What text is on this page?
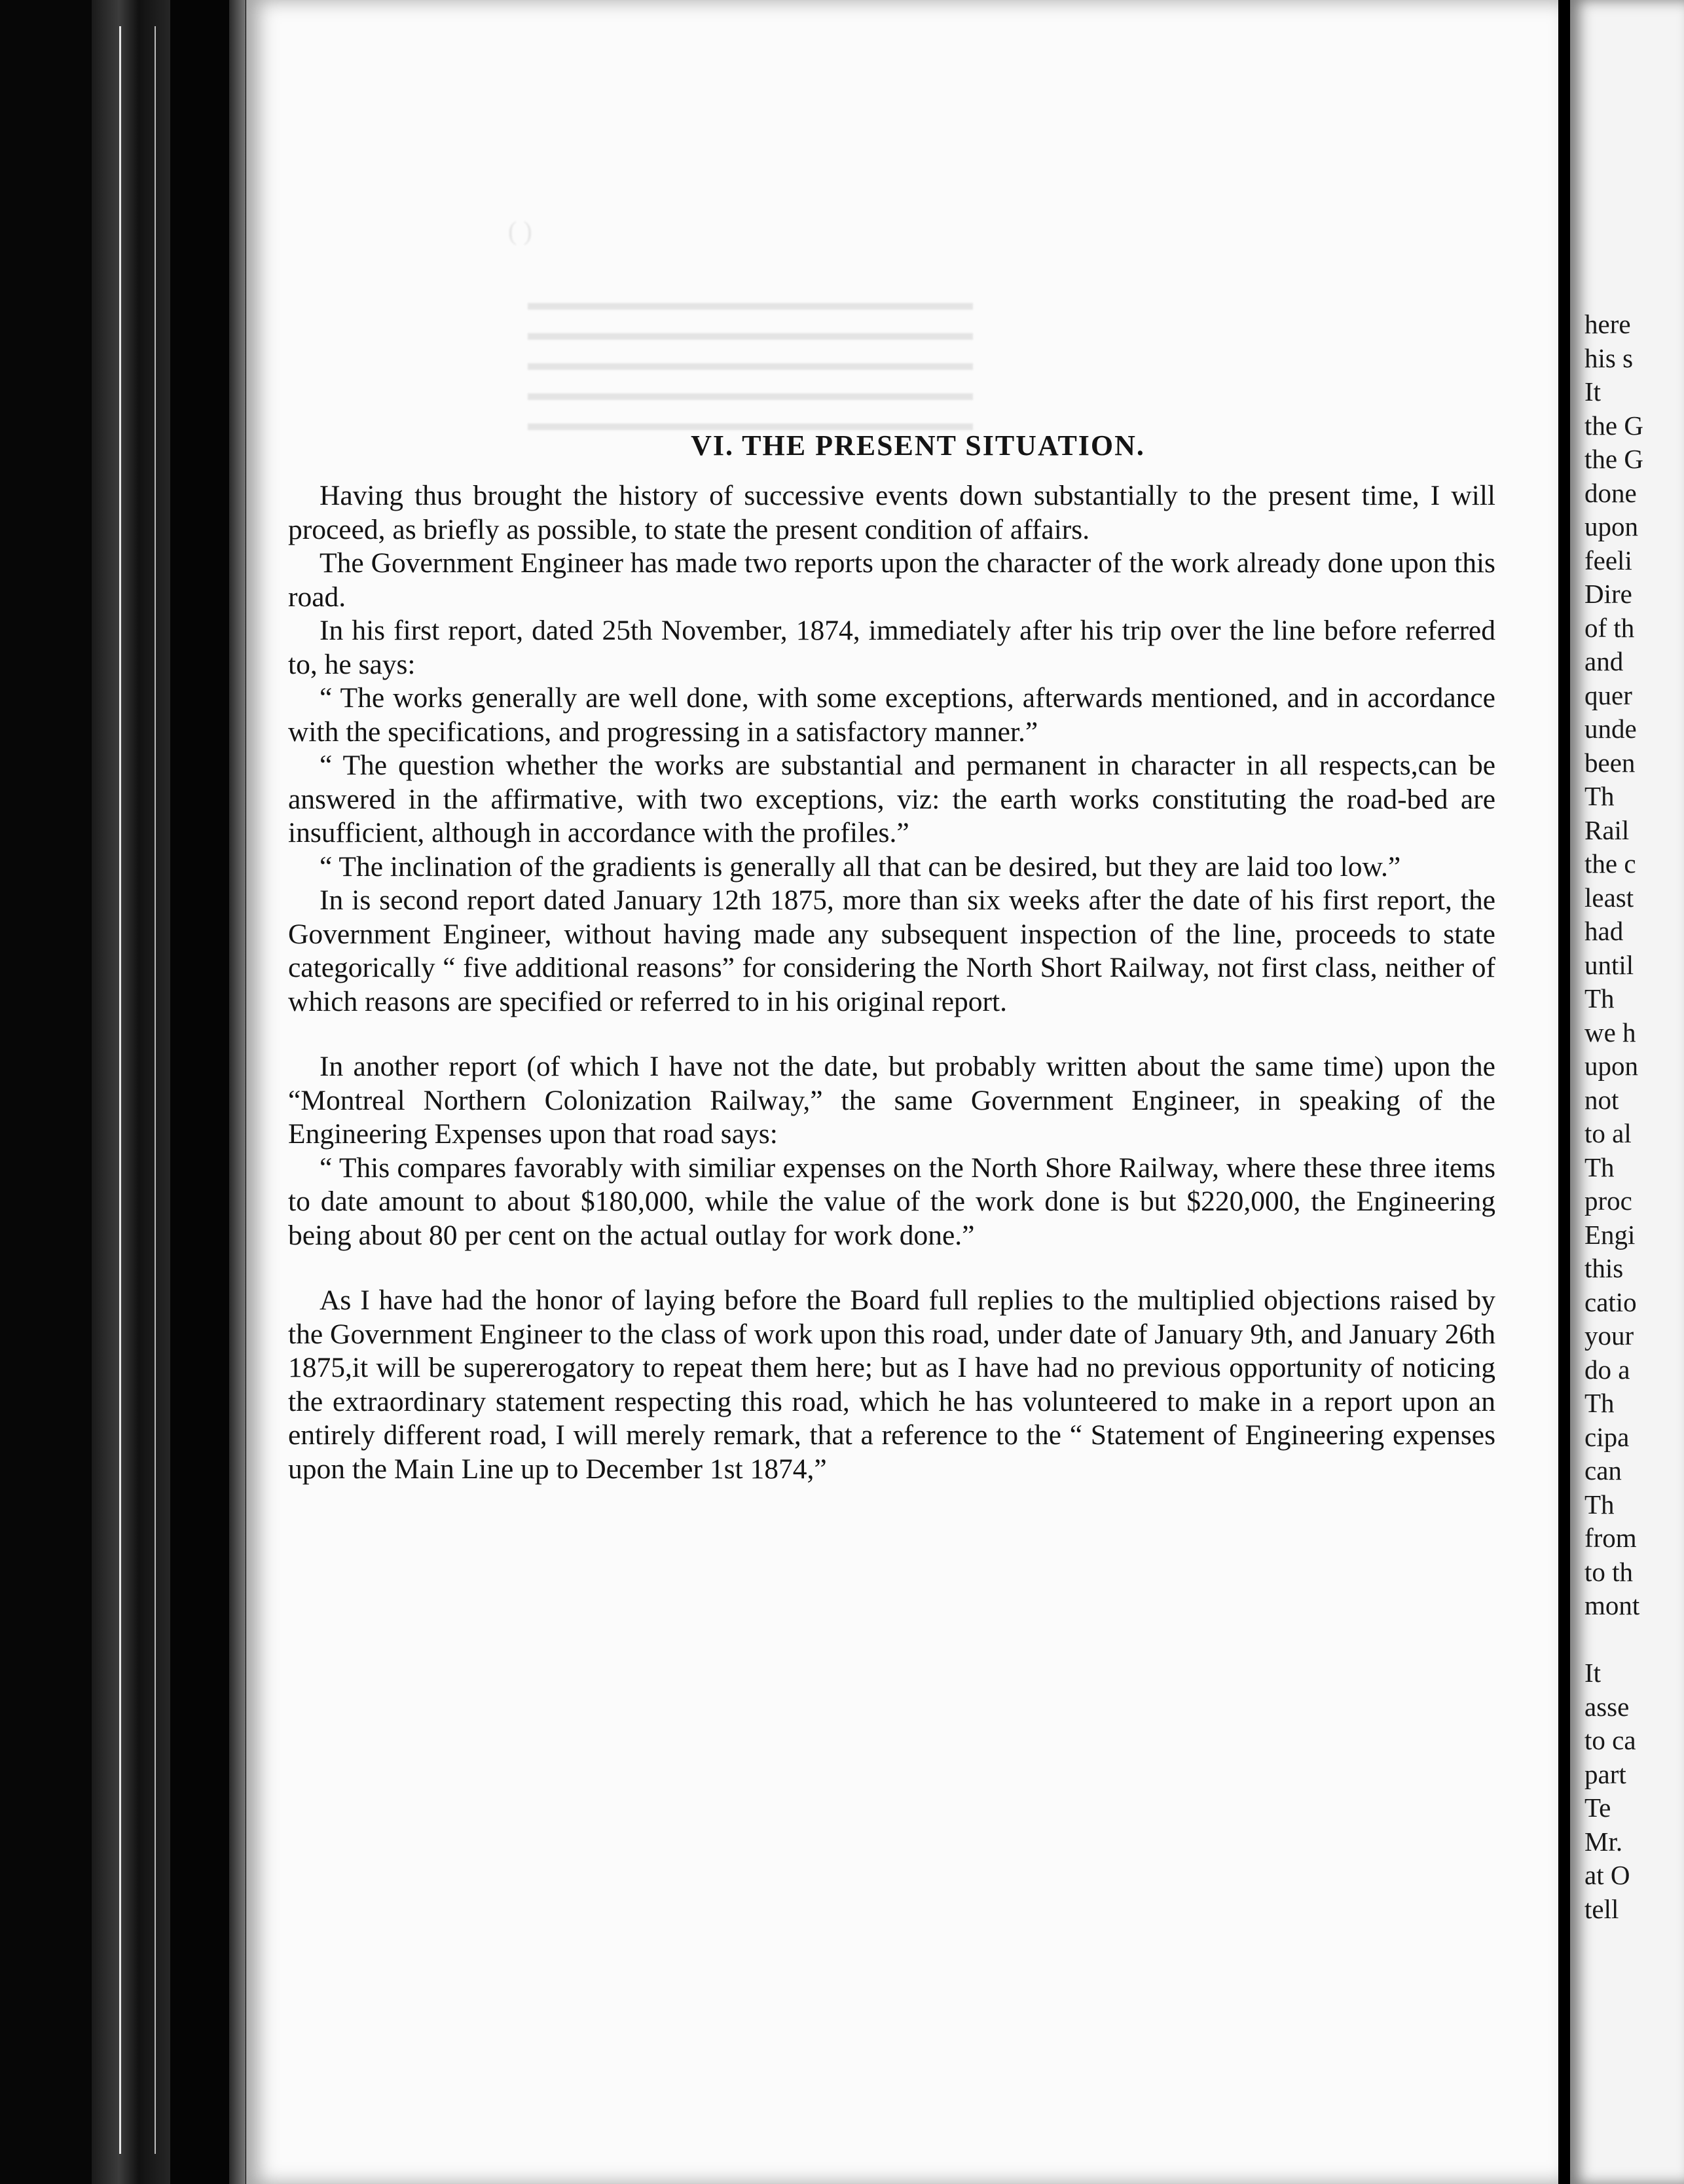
( )
▬▬▬▬▬▬▬▬▬▬▬▬▬▬▬▬▬▬▬▬
▬▬▬▬▬▬▬▬▬▬▬▬▬▬▬▬▬▬▬▬
▬▬▬▬▬▬▬▬▬▬▬▬▬▬▬▬▬▬▬▬
▬▬▬▬▬▬▬▬▬▬▬▬▬▬▬▬▬▬▬▬
▬▬▬▬▬▬▬▬▬▬▬▬▬▬▬▬▬▬▬▬
VI. THE PRESENT SITUATION.

Having thus brought the history of successive events down substantially to the present time, I will proceed, as briefly as possible, to state the present condition of affairs.

The Government Engineer has made two reports upon the character of the work already done upon this road.

In his first report, dated 25th November, 1874, immediately after his trip over the line before referred to, he says:

“ The works generally are well done, with some exceptions, afterwards mentioned, and in accordance with the specifications, and progressing in a satisfactory manner.”

“ The question whether the works are substantial and permanent in character in all respects,can be answered in the affirmative, with two exceptions, viz: the earth works constituting the road-bed are insufficient, although in accordance with the profiles.”

“ The inclination of the gradients is generally all that can be desired, but they are laid too low.”

In is second report dated January 12th 1875, more than six weeks after the date of his first report, the Government Engineer, without having made any subsequent inspection of the line, proceeds to state categorically “ five additional reasons” for considering the North Short Railway, not first class, neither of which reasons are specified or referred to in his original report.

In another report (of which I have not the date, but probably written about the same time) upon the “Montreal Northern Colonization Railway,” the same Government Engineer, in speaking of the Engineering Expenses upon that road says:

“ This compares favorably with similiar expenses on the North Shore Railway, where these three items to date amount to about $180,000, while the value of the work done is but $220,000, the Engineering being about 80 per cent on the actual outlay for work done.”

As I have had the honor of laying before the Board full replies to the multiplied objections raised by the Government Engineer to the class of work upon this road, under date of January 9th, and January 26th 1875,it will be supererogatory to repeat them here; but as I have had no previous opportunity of noticing the extraordinary statement respecting this road, which he has volunteered to make in a report upon an entirely different road, I will merely remark, that a reference to the “ Statement of Engineering expenses upon the Main Line up to December 1st 1874,”

here
his s
It
the G
the G
done
upon
feeli
Dire
of th
and
quer
unde
been
Th
Rail
the c
least
had
until
Th
we h
upon
not
to al
Th
proc
Engi
this
catio
your
do a
Th
cipa
can
Th
from
to th
mont

It
asse
to ca
part
Te
Mr.
at O
tell
